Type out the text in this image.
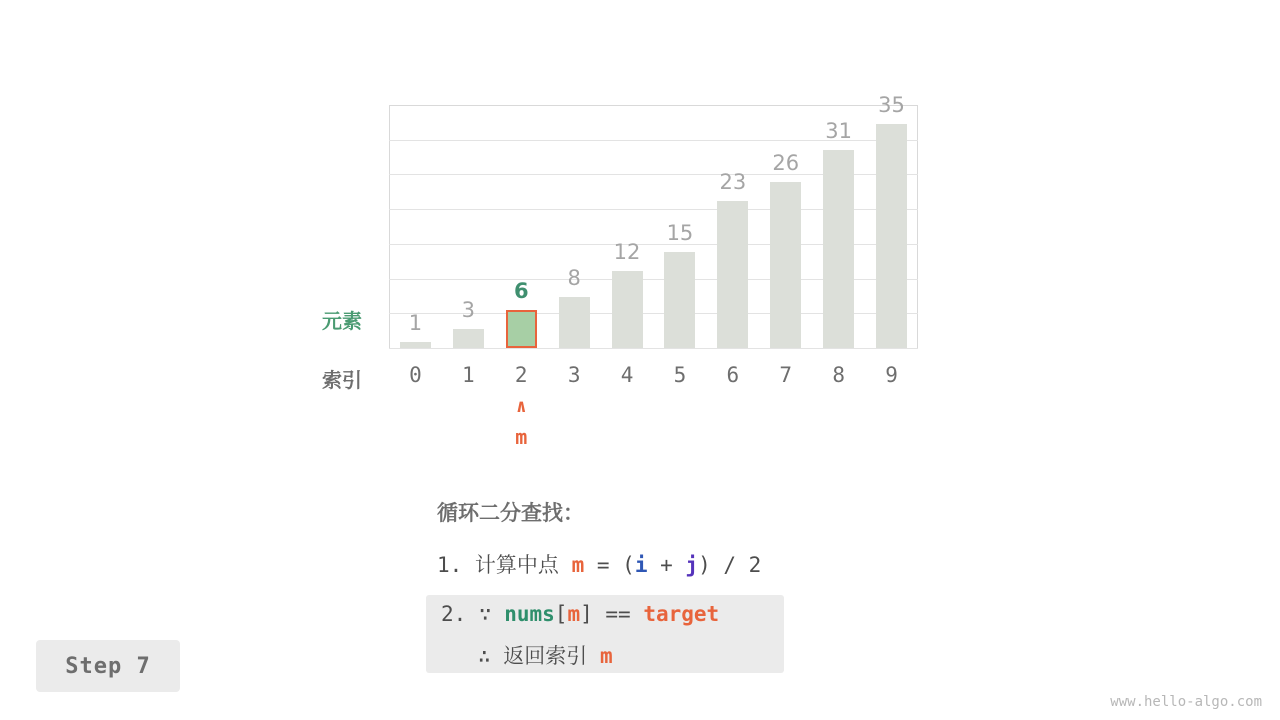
元素
索引
循环二分查找：
1. 计算中点 m = (i + j) / 2
2. ∵ nums[m] == target
∴ 返回索引 m
Step 7
www.hello-algo.com
1
0
3
1
6
2
8
3
12
4
15
5
23
6
26
7
31
8
35
9
∧
m
